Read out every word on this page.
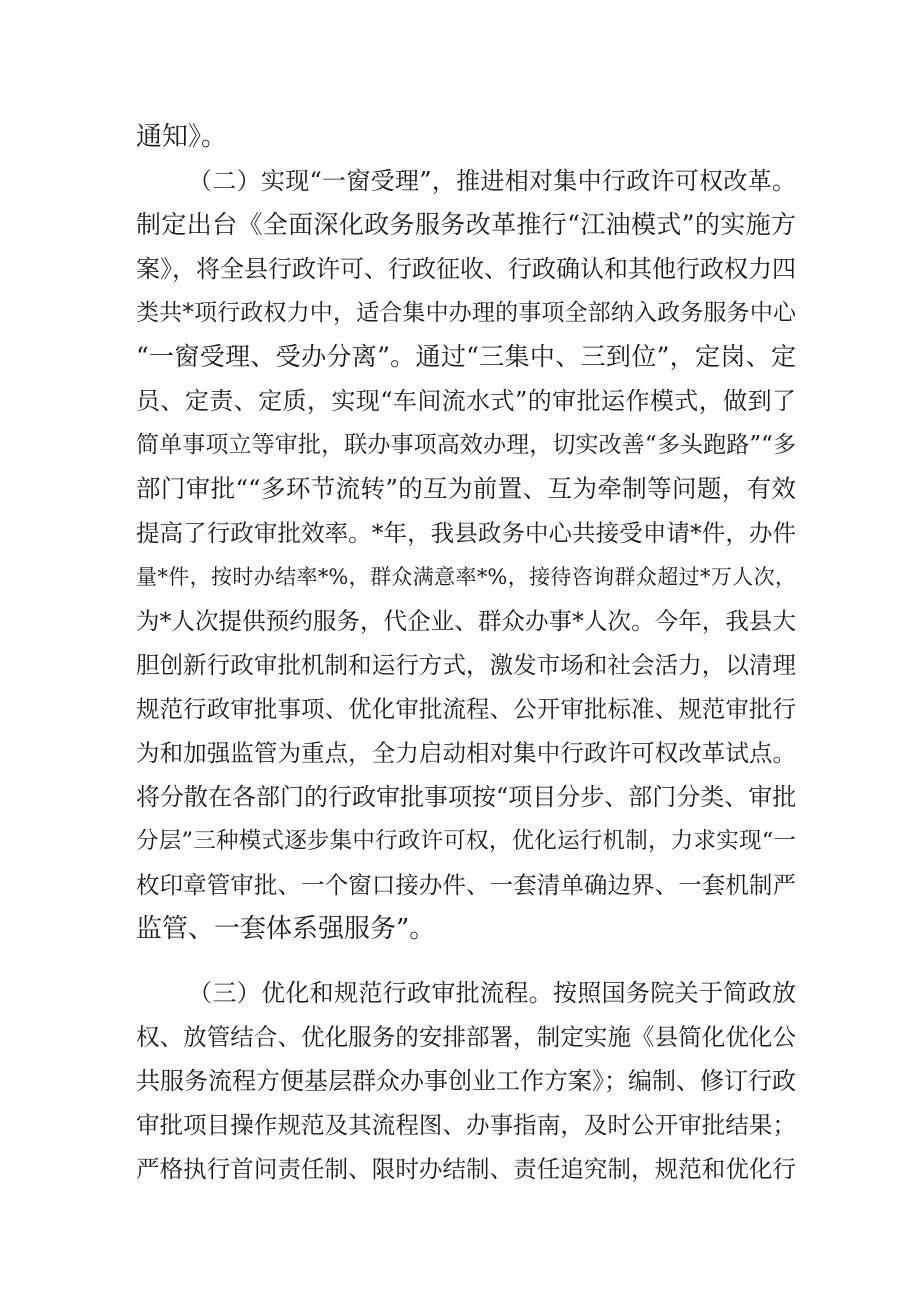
通知》。
（二）实现“一窗受理”，推进相对集中行政许可权改革。
制定出台《全面深化政务服务改革推行“江油模式”的实施方
案》，将全县行政许可、行政征收、行政确认和其他行政权力四
类共*项行政权力中，适合集中办理的事项全部纳入政务服务中心
“一窗受理、受办分离”。通过“三集中、三到位”，定岗、定
员、定责、定质，实现“车间流水式”的审批运作模式，做到了
简单事项立等审批，联办事项高效办理，切实改善“多头跑路”“多
部门审批““多环节流转”的互为前置、互为牵制等问题，有效
提高了行政审批效率。*年，我县政务中心共接受申请*件，办件
量*件，按时办结率*%，群众满意率*%，接待咨询群众超过*万人次，
为*人次提供预约服务，代企业、群众办事*人次。今年，我县大
胆创新行政审批机制和运行方式，激发市场和社会活力，以清理
规范行政审批事项、优化审批流程、公开审批标准、规范审批行
为和加强监管为重点，全力启动相对集中行政许可权改革试点。
将分散在各部门的行政审批事项按“项目分步、部门分类、审批
分层”三种模式逐步集中行政许可权，优化运行机制，力求实现“一
枚印章管审批、一个窗口接办件、一套清单确边界、一套机制严
监管、一套体系强服务”。
（三）优化和规范行政审批流程。按照国务院关于简政放
权、放管结合、优化服务的安排部署，制定实施《县简化优化公
共服务流程方便基层群众办事创业工作方案》；编制、修订行政
审批项目操作规范及其流程图、办事指南，及时公开审批结果；
严格执行首问责任制、限时办结制、责任追究制，规范和优化行
